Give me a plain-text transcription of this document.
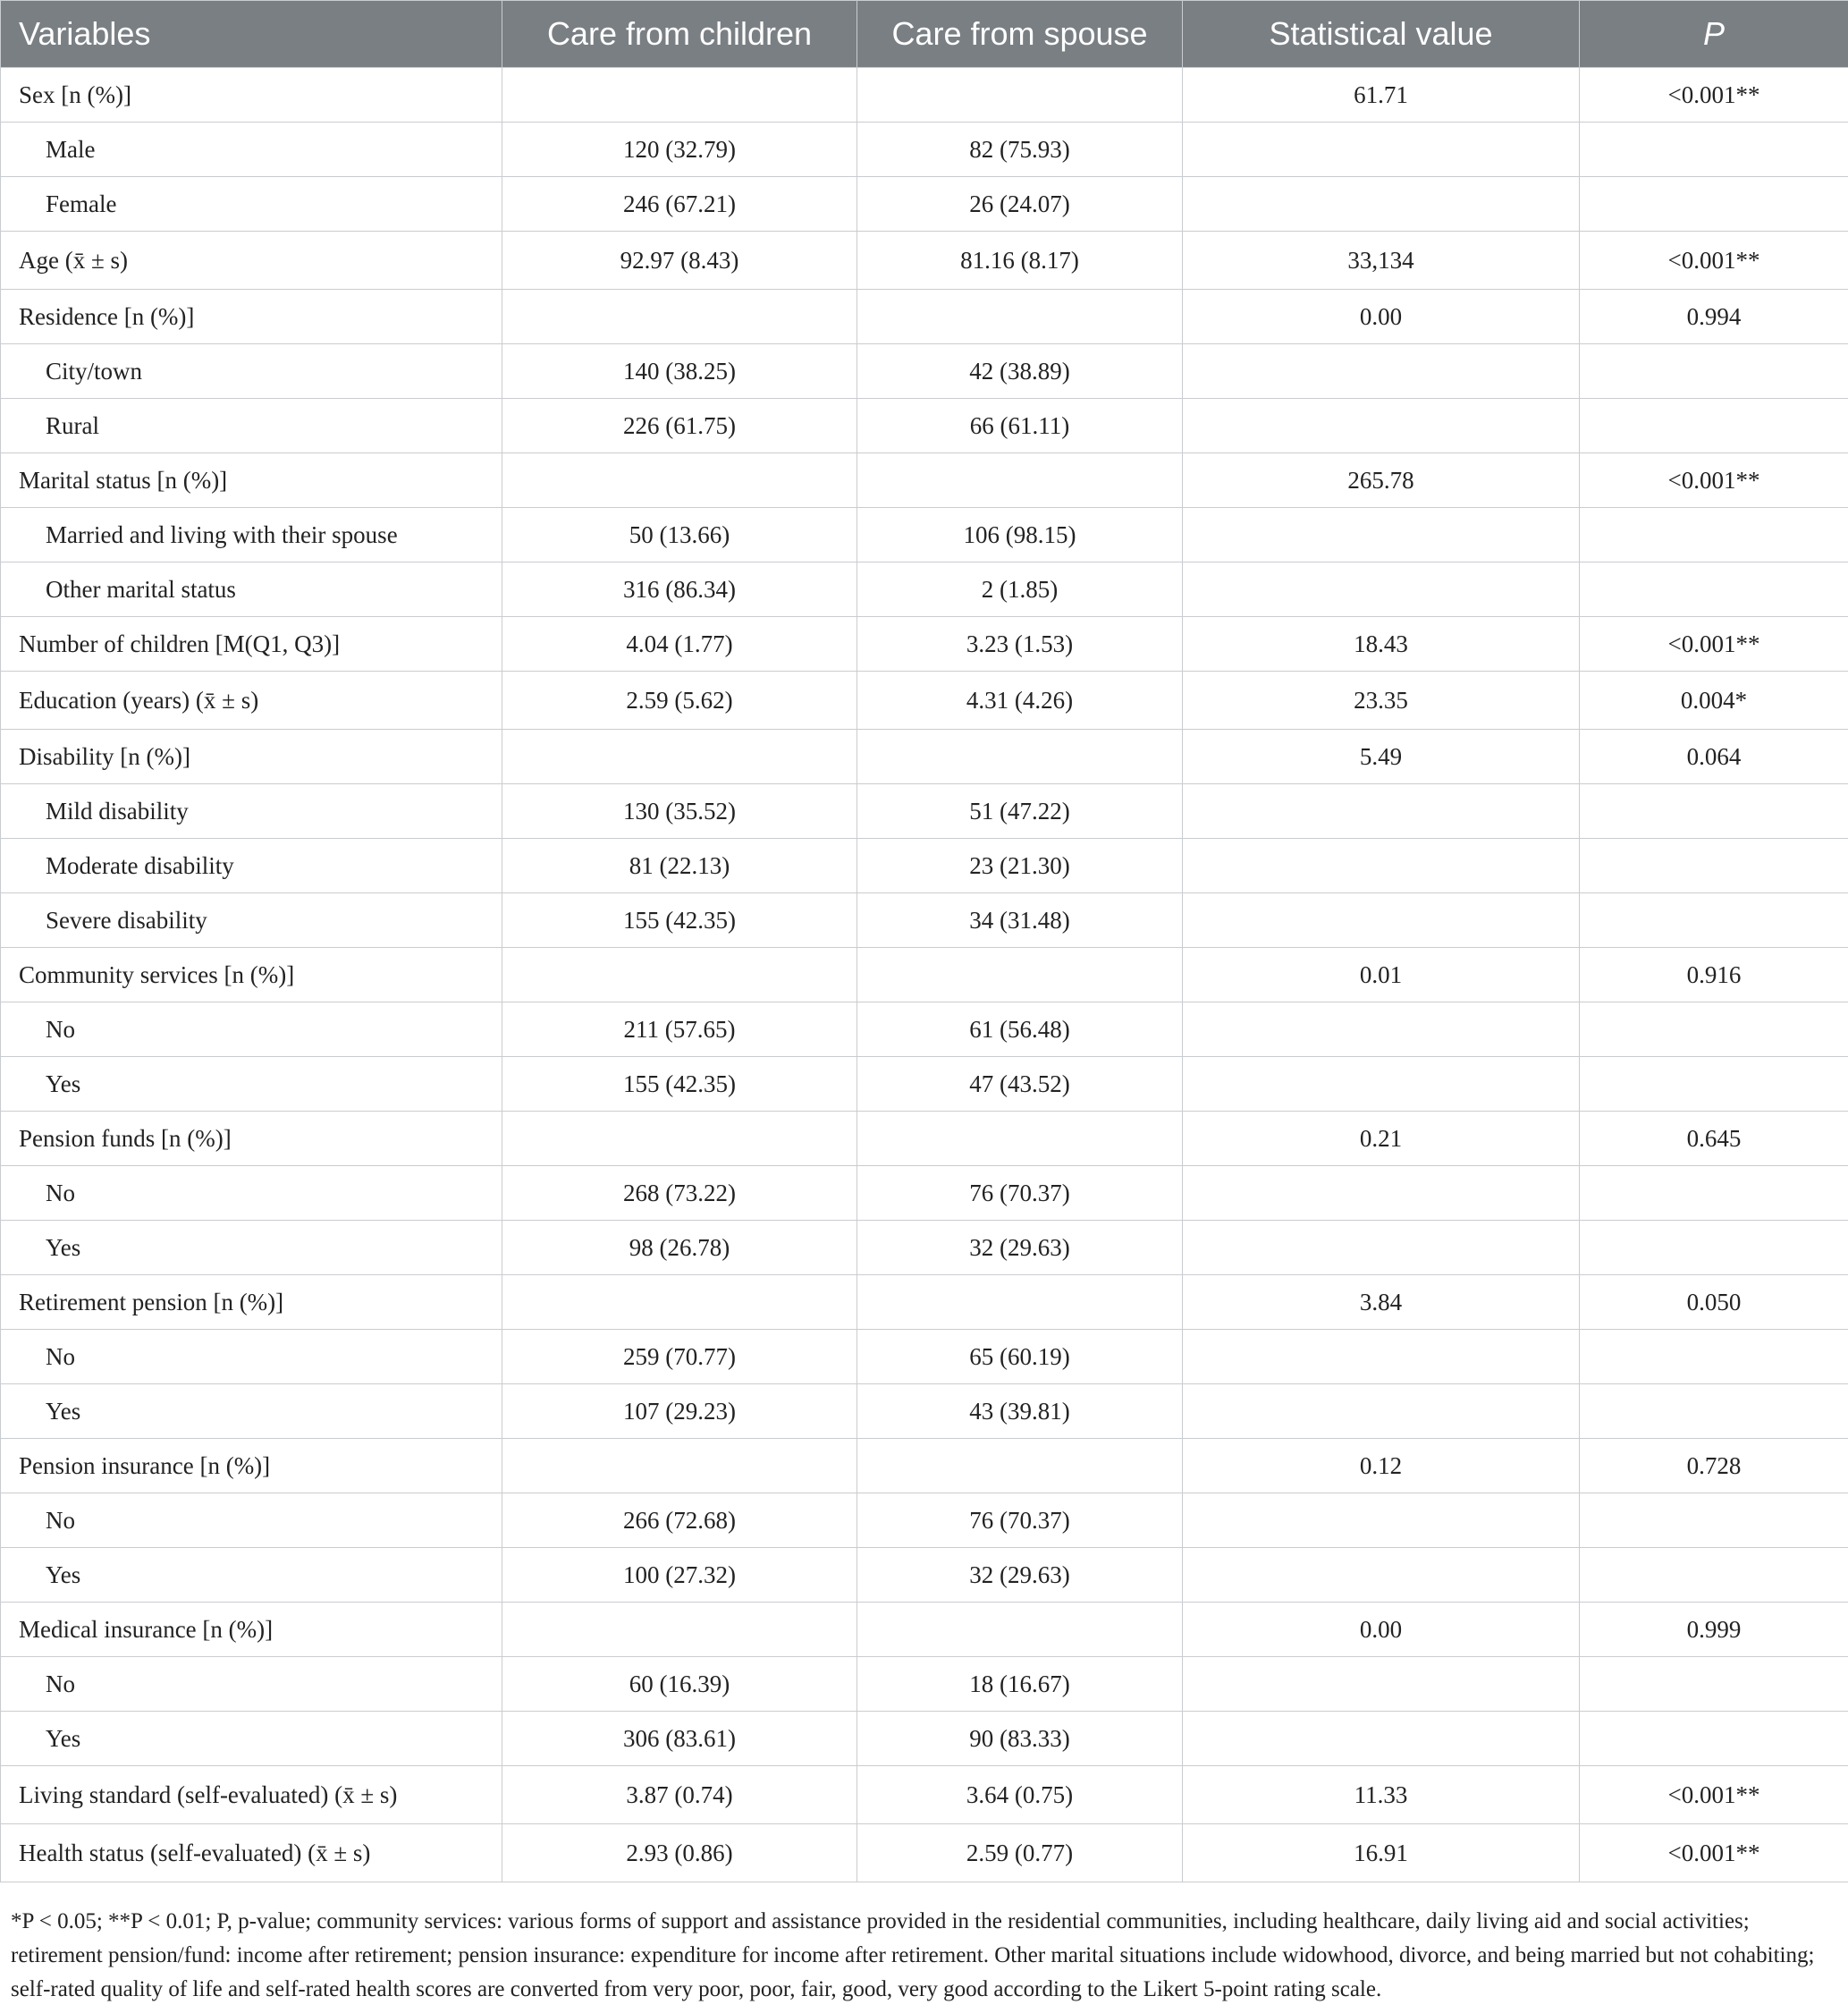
Variables	Care from children	Care from spouse	Statistical value	P
Sex [n (%)]			61.71	<0.001**
Male	120 (32.79)	82 (75.93)		
Female	246 (67.21)	26 (24.07)		
Age (x̄ ± s)	92.97 (8.43)	81.16 (8.17)	33,134	<0.001**
Residence [n (%)]			0.00	0.994
City/town	140 (38.25)	42 (38.89)		
Rural	226 (61.75)	66 (61.11)		
Marital status [n (%)]			265.78	<0.001**
Married and living with their spouse	50 (13.66)	106 (98.15)		
Other marital status	316 (86.34)	2 (1.85)		
Number of children [M(Q1, Q3)]	4.04 (1.77)	3.23 (1.53)	18.43	<0.001**
Education (years) (x̄ ± s)	2.59 (5.62)	4.31 (4.26)	23.35	0.004*
Disability [n (%)]			5.49	0.064
Mild disability	130 (35.52)	51 (47.22)		
Moderate disability	81 (22.13)	23 (21.30)		
Severe disability	155 (42.35)	34 (31.48)		
Community services [n (%)]			0.01	0.916
No	211 (57.65)	61 (56.48)		
Yes	155 (42.35)	47 (43.52)		
Pension funds [n (%)]			0.21	0.645
No	268 (73.22)	76 (70.37)		
Yes	98 (26.78)	32 (29.63)		
Retirement pension [n (%)]			3.84	0.050
No	259 (70.77)	65 (60.19)		
Yes	107 (29.23)	43 (39.81)		
Pension insurance [n (%)]			0.12	0.728
No	266 (72.68)	76 (70.37)		
Yes	100 (27.32)	32 (29.63)		
Medical insurance [n (%)]			0.00	0.999
No	60 (16.39)	18 (16.67)		
Yes	306 (83.61)	90 (83.33)		
Living standard (self-evaluated) (x̄ ± s)	3.87 (0.74)	3.64 (0.75)	11.33	<0.001**
Health status (self-evaluated) (x̄ ± s)	2.93 (0.86)	2.59 (0.77)	16.91	<0.001**
*P < 0.05; **P < 0.01; P, p-value; community services: various forms of support and assistance provided in the residential communities, including healthcare, daily living aid and social activities; retirement pension/fund: income after retirement; pension insurance: expenditure for income after retirement. Other marital situations include widowhood, divorce, and being married but not cohabiting; self-rated quality of life and self-rated health scores are converted from very poor, poor, fair, good, very good according to the Likert 5-point rating scale.
